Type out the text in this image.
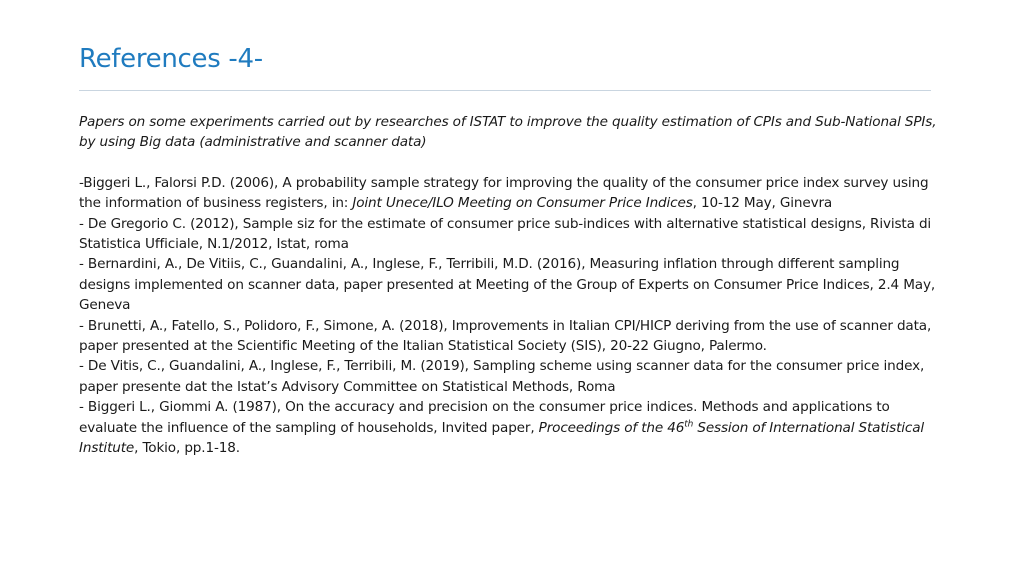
References -4-

Papers on some experiments carried out by researches of ISTAT to improve the quality estimation of CPIs and Sub-National SPIs, by using Big data (administrative and scanner data)

-Biggeri L., Falorsi P.D. (2006), A probability sample strategy for improving the quality of the consumer price index survey using the information of business registers, in: Joint Unece/ILO Meeting on Consumer Price Indices, 10-12 May, Ginevra

- De Gregorio C. (2012), Sample siz for the estimate of consumer price sub-indices with alternative statistical designs, Rivista di Statistica Ufficiale, N.1/2012, Istat, roma

- Bernardini, A., De Vitiis, C., Guandalini, A., Inglese, F., Terribili, M.D. (2016), Measuring inflation through different sampling designs implemented on scanner data, paper presented at Meeting of the Group of Experts on Consumer Price Indices, 2.4 May, Geneva

- Brunetti, A., Fatello, S., Polidoro, F., Simone, A. (2018), Improvements in Italian CPI/HICP deriving from the use of scanner data, paper presented at the Scientific Meeting of the Italian Statistical Society (SIS), 20-22 Giugno, Palermo.

- De Vitis, C., Guandalini, A., Inglese, F., Terribili, M. (2019), Sampling scheme using scanner data for the consumer price index, paper presente dat the Istat’s Advisory Committee on Statistical Methods, Roma

- Biggeri L., Giommi A. (1987), On the accuracy and precision on the consumer price indices. Methods and applications to evaluate the influence of the sampling of households, Invited paper, Proceedings of the 46th Session of International Statistical Institute, Tokio, pp.1-18.
